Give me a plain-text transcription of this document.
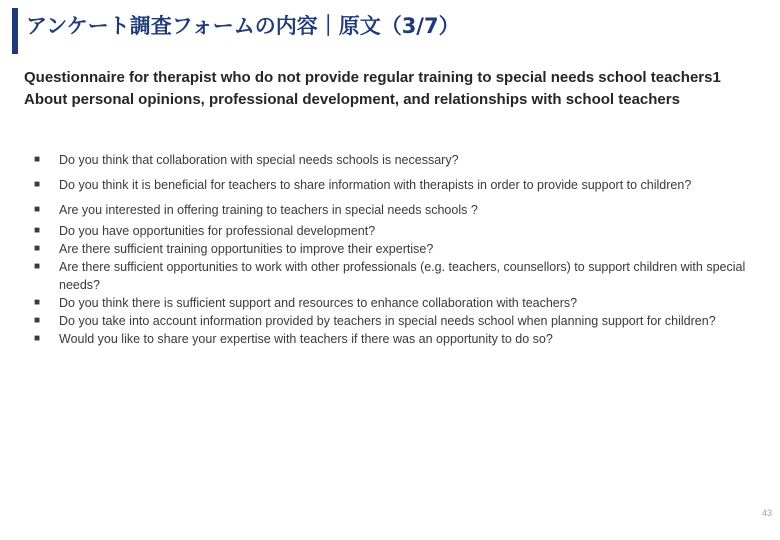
アンケート調査フォームの内容｜原文（3/7）

Questionnaire for therapist who do not provide regular training to special needs school teachers1

About personal opinions, professional development, and relationships with school teachers

■	Do you think that collaboration with special needs schools is necessary?
■	Do you think it is beneficial for teachers to share information with therapists in order to provide support to children?
■	Are you interested in offering training to teachers in special needs schools ?
■	Do you have opportunities for professional development?
■	Are there sufficient training opportunities to improve their expertise?
■	Are there sufficient opportunities to work with other professionals (e.g. teachers, counsellors) to support children with special needs?
■	Do you think there is sufficient support and resources to enhance collaboration with teachers?
■	Do you take into account information provided by teachers in special needs school when planning support for children?
■	Would you like to share your expertise with teachers if there was an opportunity to do so?
43
